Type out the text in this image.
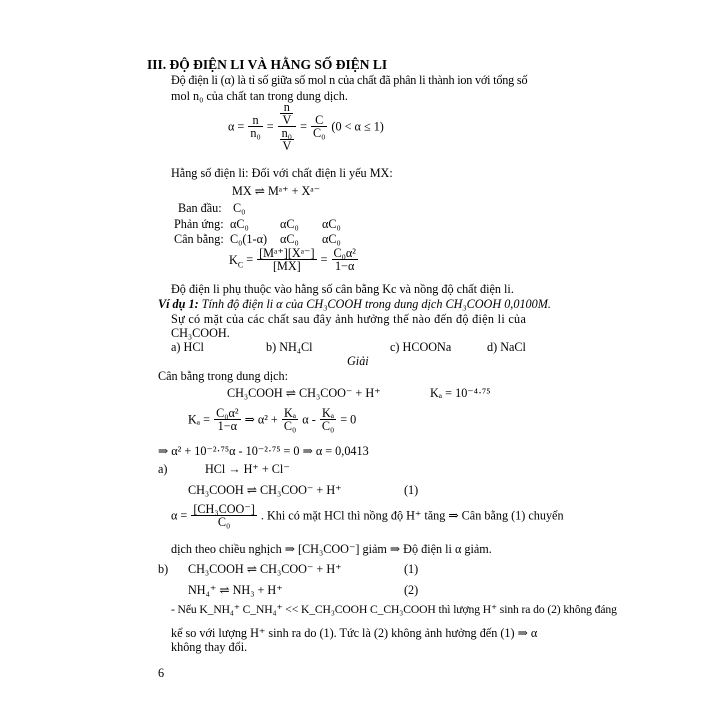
III. ĐỘ ĐIỆN LI VÀ HẰNG SỐ ĐIỆN LI
Độ điện li (α) là tỉ số giữa số mol n của chất đã phân li thành ion với tổng số
mol n₀ của chất tan trong dung dịch.
$\alpha = \frac{n}{\text{n₀}} = \frac{\frac{n}{V}}{\frac{\text{n₀}}{V}} = \frac{C}{\text{C₀}} (0 < \alpha \le 1)$
Hằng số điện li: Đối với chất điện li yếu MX:
MX ⇌ Mᵃ⁺ + Xᵃ⁻
Ban đầu: C₀
Phản ứng: αC₀	αC₀ αC₀
Cân bằng: C₀(1-α) αC₀ αC₀
$K_C = \frac{\text{[Mᵃ⁺][Xᵃ⁻]}}{[MX]} = \frac{\text{C₀α²}}{1-\alpha}$
Độ điện li phụ thuộc vào hằng số cân bằng Kc và nồng độ chất điện li.
Ví dụ 1: Tính độ điện li α của CH₃COOH trong dung dịch CH₃COOH 0,0100M.
Sự có mặt của các chất sau đây ảnh hưởng thế nào đến độ điện li của
CH₃COOH.
a) HCl	b) NH₄Cl	c) HCOONa	d) NaCl
Giải
Cân bằng trong dung dịch:
CH₃COOH ⇌ CH₃COO⁻ + H⁺	Kₐ = 10⁻⁴·⁷⁵
$K_a = \frac{\text{C₀α²}}{1-\alpha}$ ⇒ $\alpha^2 + \frac{\text{Kₐ}}{\text{C₀}}$ $\alpha - \frac{\text{Kₐ}}{\text{C₀}} = 0$
⇒ α² + 10⁻²·⁷⁵α - 10⁻²·⁷⁵ = 0 ⇒ α = 0,0413
a)	HCl → H⁺ + Cl⁻
CH₃COOH ⇌ CH₃COO⁻ + H⁺	(1)
$\alpha = \frac{\text{[CH₃COO⁻]}}{\text{C₀}}$ . Khi có mặt HCl thì nồng độ H⁺ tăng ⇒ Cân bằng (1) chuyển
dịch theo chiều nghịch ⇒ [CH₃COO⁻] giảm ⇒ Độ điện li α giảm.
b) CH₃COOH ⇌ CH₃COO⁻ + H⁺	(1)
NH₄⁺ ⇌ NH₃ + H⁺	(2)
- Nếu K_NH₄⁺ C_NH₄⁺ << K_CH₃COOH C_CH₃COOH thì lượng H⁺ sinh ra do (2) không đáng
kể so với lượng H⁺ sinh ra do (1). Tức là (2) không ảnh hưởng đến (1) ⇒ α
không thay đổi.
6
